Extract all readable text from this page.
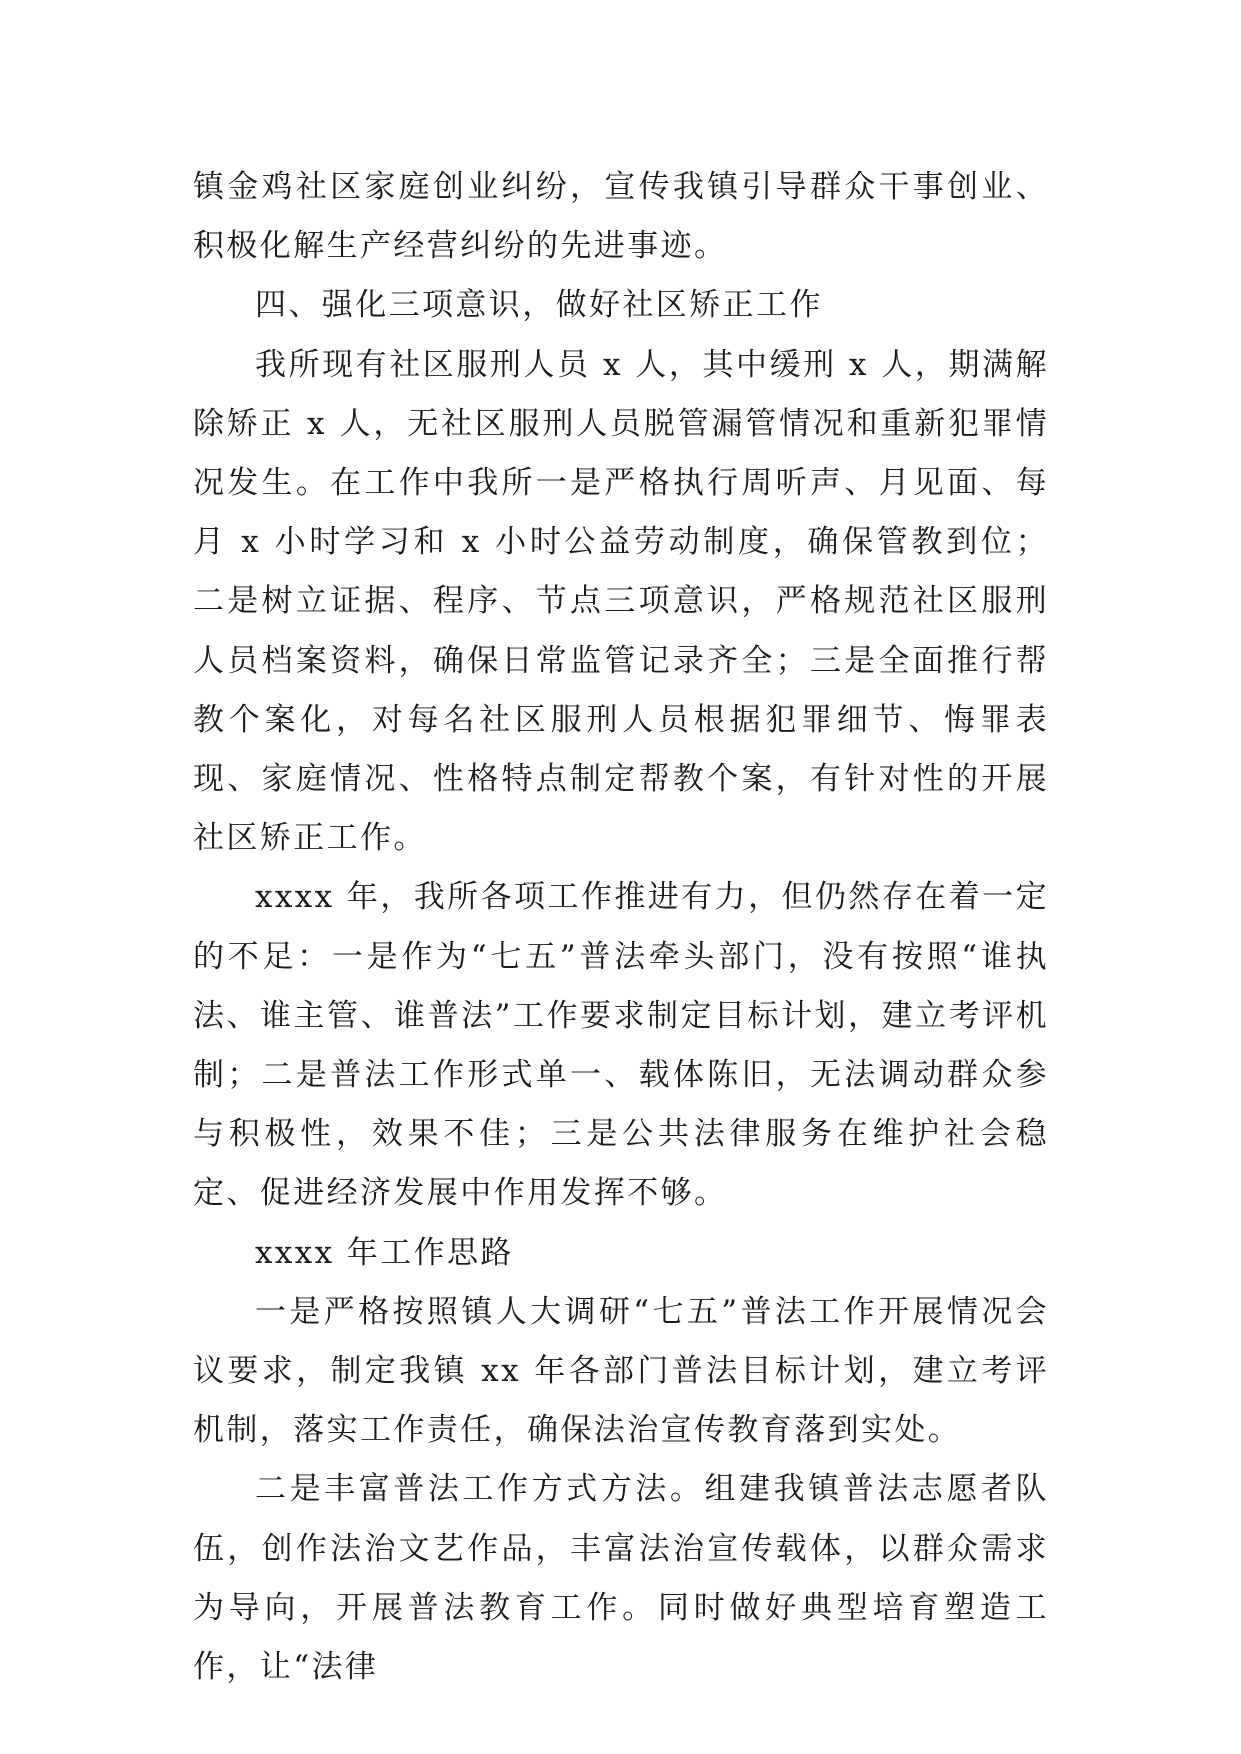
镇金鸡社区家庭创业纠纷，宣传我镇引导群众干事创业、积极化解生产经营纠纷的先进事迹。

四、强化三项意识，做好社区矫正工作

我所现有社区服刑人员 x 人，其中缓刑 x 人，期满解除矫正 x 人，无社区服刑人员脱管漏管情况和重新犯罪情况发生。在工作中我所一是严格执行周听声、月见面、每月 x 小时学习和 x 小时公益劳动制度，确保管教到位；二是树立证据、程序、节点三项意识，严格规范社区服刑人员档案资料，确保日常监管记录齐全；三是全面推行帮教个案化，对每名社区服刑人员根据犯罪细节、悔罪表现、家庭情况、性格特点制定帮教个案，有针对性的开展社区矫正工作。

xxxx 年，我所各项工作推进有力，但仍然存在着一定的不足：一是作为“七五”普法牵头部门，没有按照“谁执法、谁主管、谁普法”工作要求制定目标计划，建立考评机制；二是普法工作形式单一、载体陈旧，无法调动群众参与积极性，效果不佳；三是公共法律服务在维护社会稳定、促进经济发展中作用发挥不够。

xxxx 年工作思路

一是严格按照镇人大调研“七五”普法工作开展情况会议要求，制定我镇 xx 年各部门普法目标计划，建立考评机制，落实工作责任，确保法治宣传教育落到实处。

二是丰富普法工作方式方法。组建我镇普法志愿者队伍，创作法治文艺作品，丰富法治宣传载体，以群众需求为导向，开展普法教育工作。同时做好典型培育塑造工作，让“法律
